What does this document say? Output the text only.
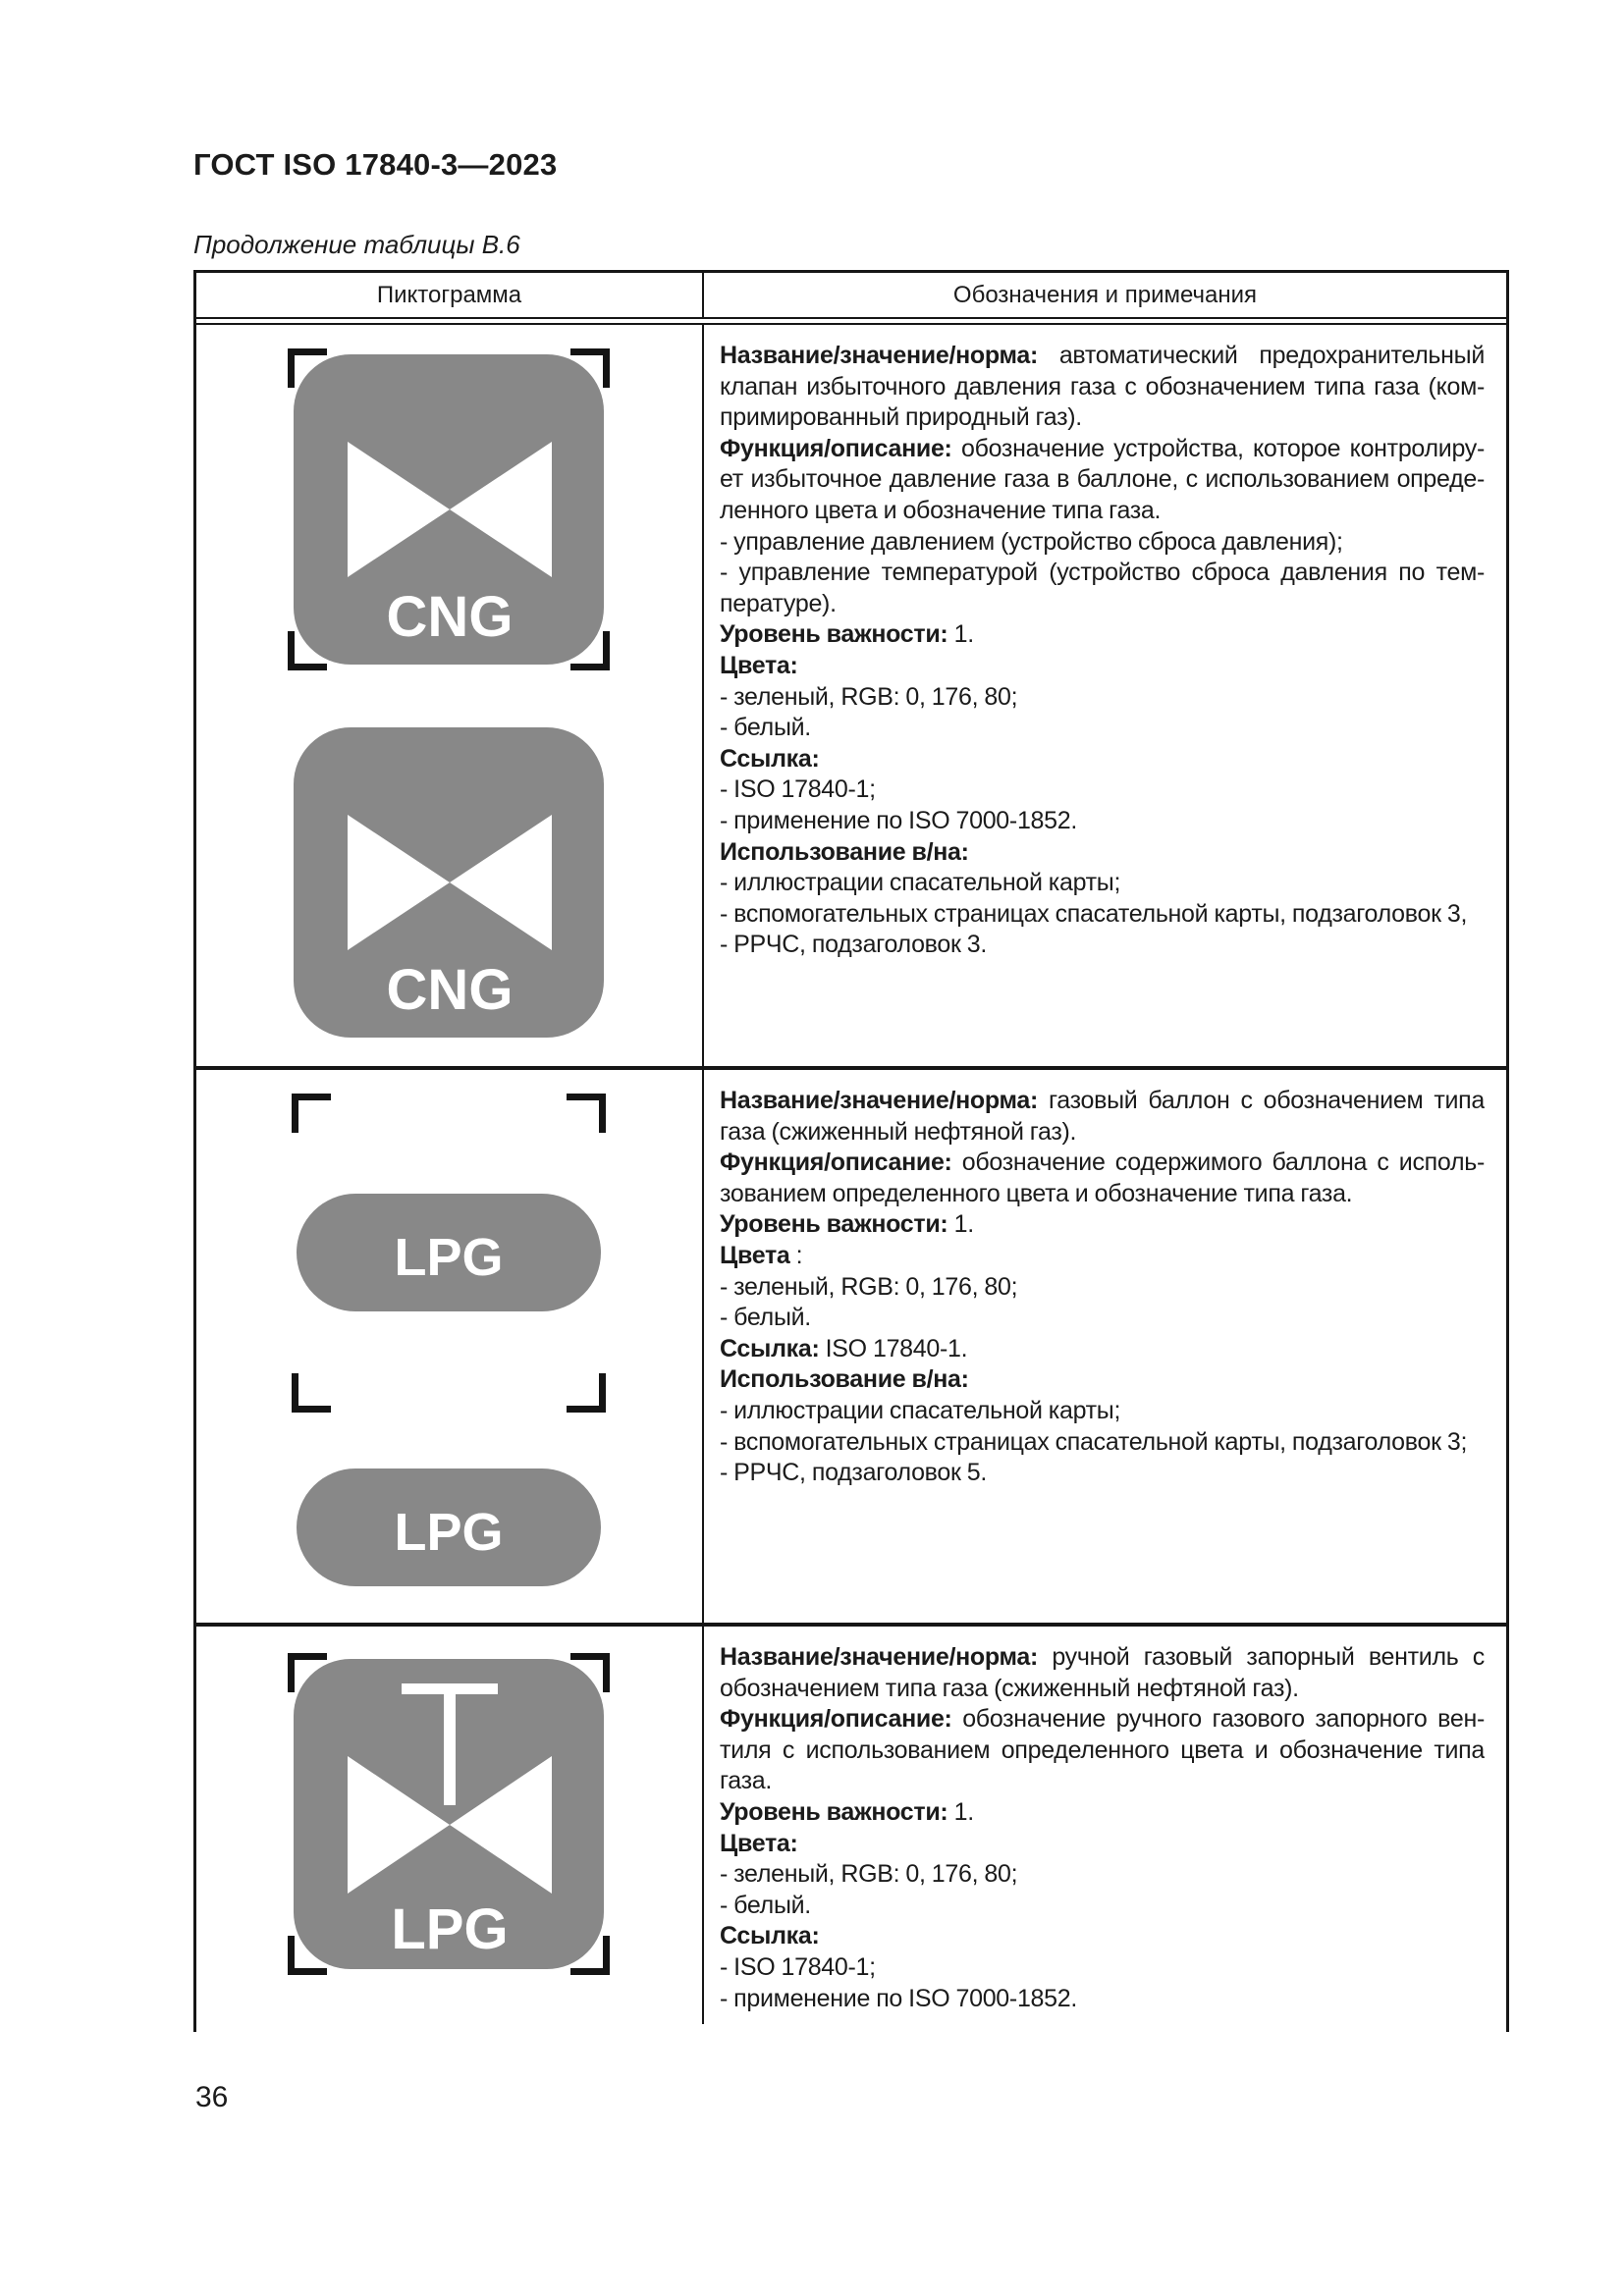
ГОСТ ISO 17840-3—2023
Продолжение таблицы В.6
Пиктограмма	Обозначения и примечания
CNG
CNG
Название/значение/норма: автоматический предохранительный
клапан избыточного давления газа с обозначением типа газа (ком-
примированный природный газ).
Функция/описание: обозначение устройства, которое контролиру-
ет избыточное давление газа в баллоне, с использованием опреде-
ленного цвета и обозначение типа газа.
- управление давлением (устройство сброса давления);
- управление температурой (устройство сброса давления по тем-
пературе).
Уровень важности: 1.
Цвета:
- зеленый, RGB: 0, 176, 80;
- белый.
Ссылка:
- ISO 17840-1;
- применение по ISO 7000-1852.
Использование в/на:
- иллюстрации спасательной карты;
- вспомогательных страницах спасательной карты, подзаголовок 3,
- РРЧС, подзаголовок 3.
LPG
LPG
Название/значение/норма: газовый баллон с обозначением типа
газа (сжиженный нефтяной газ).
Функция/описание: обозначение содержимого баллона с исполь-
зованием определенного цвета и обозначение типа газа.
Уровень важности: 1.
Цвета :
- зеленый, RGB: 0, 176, 80;
- белый.
Ссылка: ISO 17840-1.
Использование в/на:
- иллюстрации спасательной карты;
- вспомогательных страницах спасательной карты, подзаголовок 3;
- РРЧС, подзаголовок 5.
LPG
Название/значение/норма: ручной газовый запорный вентиль с
обозначением типа газа (сжиженный нефтяной газ).
Функция/описание: обозначение ручного газового запорного вен-
тиля с использованием определенного цвета и обозначение типа
газа.
Уровень важности: 1.
Цвета:
- зеленый, RGB: 0, 176, 80;
- белый.
Ссылка:
- ISO 17840-1;
- применение по ISO 7000-1852.
36
